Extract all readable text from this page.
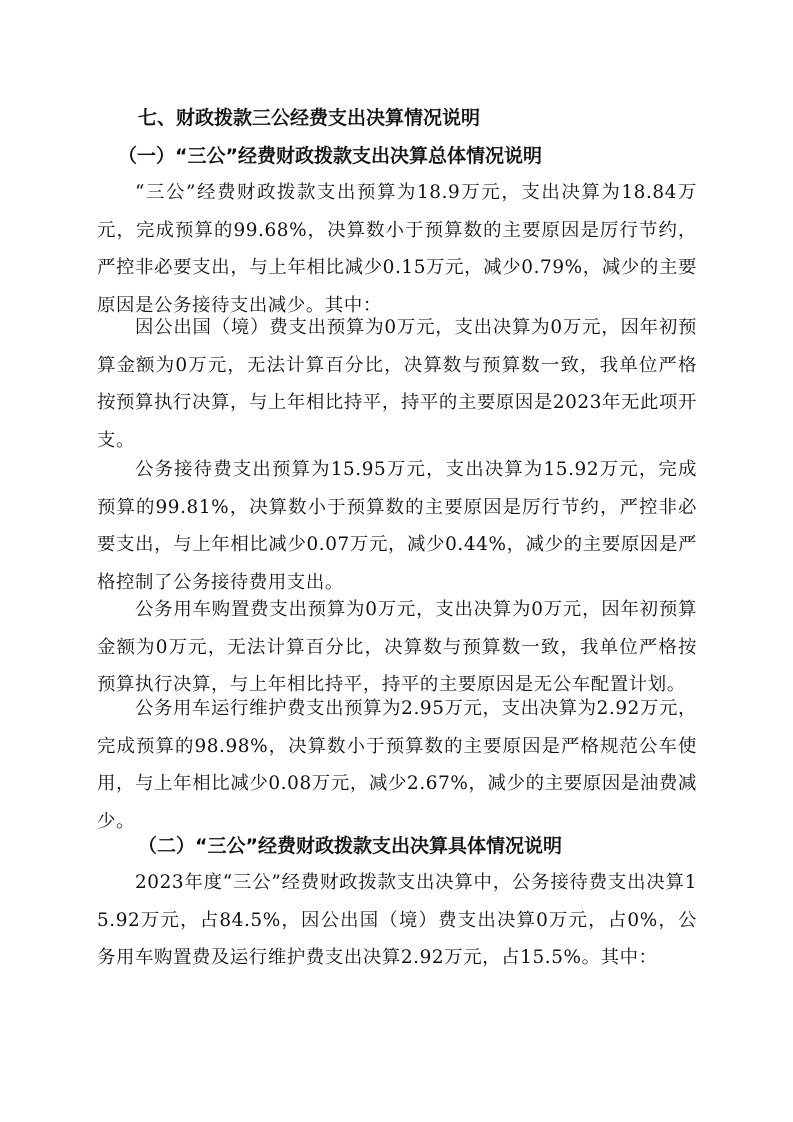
七、财政拨款三公经费支出决算情况说明
（一）“三公”经费财政拨款支出决算总体情况说明

“三公”经费财政拨款支出预算为18.9万元，支出决算为18.84万元，完成预算的99.68%，决算数小于预算数的主要原因是厉行节约，严控非必要支出，与上年相比减少0.15万元，减少0.79%，减少的主要原因是公务接待支出减少。其中：

因公出国（境）费支出预算为0万元，支出决算为0万元，因年初预算金额为0万元，无法计算百分比，决算数与预算数一致，我单位严格按预算执行决算，与上年相比持平，持平的主要原因是2023年无此项开支。

公务接待费支出预算为15.95万元，支出决算为15.92万元，完成预算的99.81%，决算数小于预算数的主要原因是厉行节约，严控非必要支出，与上年相比减少0.07万元，减少0.44%，减少的主要原因是严格控制了公务接待费用支出。

公务用车购置费支出预算为0万元，支出决算为0万元，因年初预算金额为0万元，无法计算百分比，决算数与预算数一致，我单位严格按预算执行决算，与上年相比持平，持平的主要原因是无公车配置计划。

公务用车运行维护费支出预算为2.95万元，支出决算为2.92万元，完成预算的98.98%，决算数小于预算数的主要原因是严格规范公车使用，与上年相比减少0.08万元，减少2.67%，减少的主要原因是油费减少。

（二）“三公”经费财政拨款支出决算具体情况说明

2023年度“三公”经费财政拨款支出决算中，公务接待费支出决算15.92万元，占84.5%，因公出国（境）费支出决算0万元，占0%，公务用车购置费及运行维护费支出决算2.92万元，占15.5%。其中：
